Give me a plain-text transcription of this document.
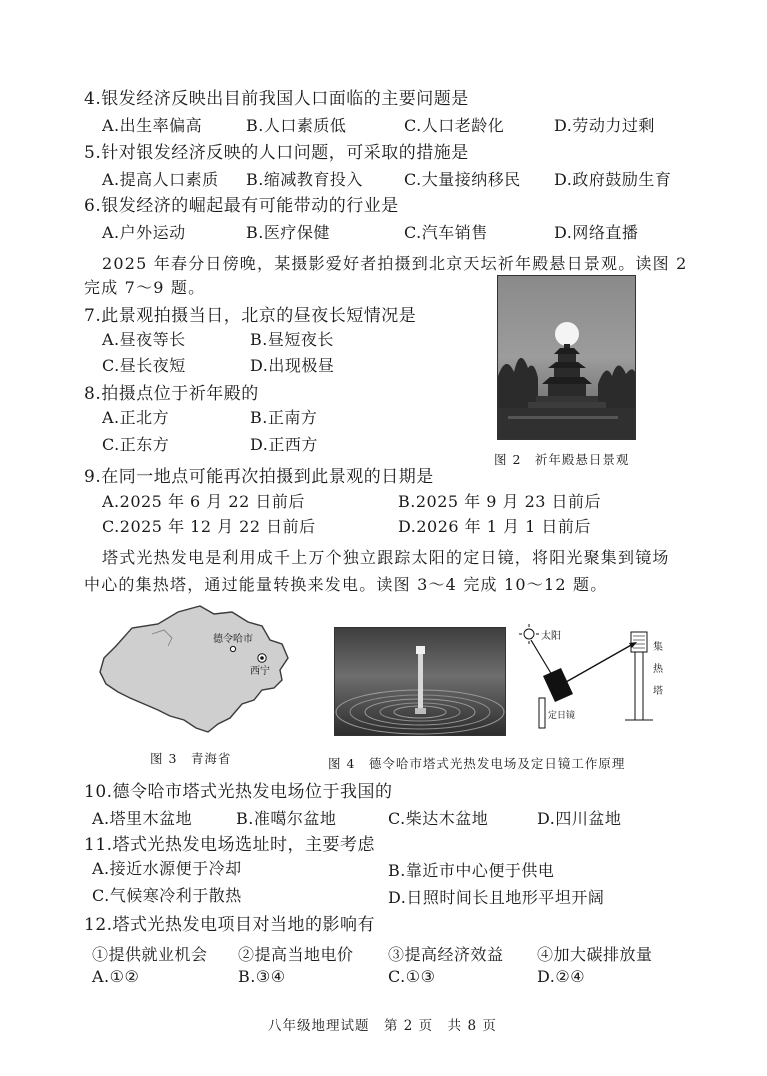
4.银发经济反映出目前我国人口面临的主要问题是
A.出生率偏高	B.人口素质低	C.人口老龄化	D.劳动力过剩
5.针对银发经济反映的人口问题，可采取的措施是
A.提高人口素质 B.缩减教育投入	C.大量接纳移民 D.政府鼓励生育
6.银发经济的崛起最有可能带动的行业是
A.户外运动	B.医疗保健	C.汽车销售	D.网络直播
2025 年春分日傍晚，某摄影爱好者拍摄到北京天坛祈年殿悬日景观。读图 2
完成 7～9 题。
7.此景观拍摄当日，北京的昼夜长短情况是
A.昼夜等长	B.昼短夜长
C.昼长夜短	D.出现极昼
8.拍摄点位于祈年殿的
A.正北方	B.正南方
C.正东方	D.正西方
图 2　祈年殿悬日景观
9.在同一地点可能再次拍摄到此景观的日期是
A.2025 年 6 月 22 日前后	B.2025 年 9 月 23 日前后
C.2025 年 12 月 22 日前后	D.2026 年 1 月 1 日前后
塔式光热发电是利用成千上万个独立跟踪太阳的定日镜，将阳光聚集到镜场
中心的集热塔，通过能量转换来发电。读图 3～4 完成 10～12 题。
德令哈市
西宁
图 3　青海省
太阳
定日镜
集
热
塔
图 4　德令哈市塔式光热发电场及定日镜工作原理
10.德令哈市塔式光热发电场位于我国的
A.塔里木盆地	B.准噶尔盆地	C.柴达木盆地	D.四川盆地
11.塔式光热发电场选址时，主要考虑
A.接近水源便于冷却	B.靠近市中心便于供电
C.气候寒冷利于散热	D.日照时间长且地形平坦开阔
12.塔式光热发电项目对当地的影响有
①提供就业机会 ②提高当地电价 ③提高经济效益 ④加大碳排放量
A.①②	B.③④	C.①③	D.②④
八年级地理试题　第 2 页　共 8 页
